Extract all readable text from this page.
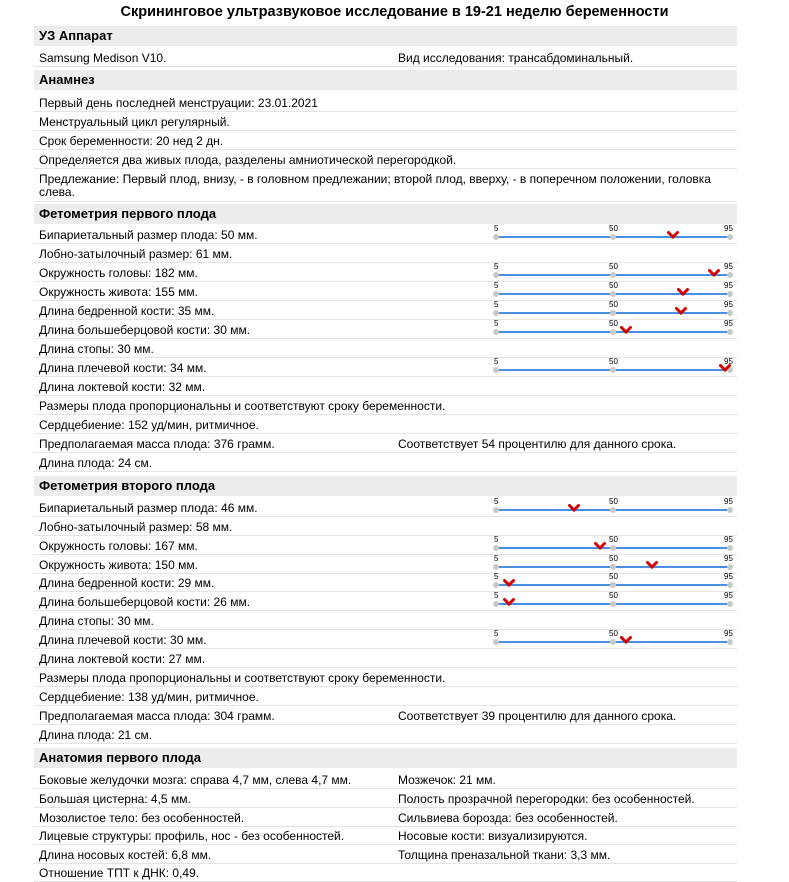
Скрининговое ультразвуковое исследование в 19-21 неделю беременности
УЗ Аппарат
Samsung Medison V10.	Вид исследования: трансабдоминальный.
Анамнез
Первый день последней менструации: 23.01.2021
Менструальный цикл регулярный.
Срок беременности: 20 нед 2 дн.
Определяется два живых плода, разделены амниотической перегородкой.
Предлежание: Первый плод, внизу, - в головном предлежании; второй плод, вверху, - в поперечном положении, головка слева.
Фетометрия первого плода
Бипариетальный размер плода: 50 мм.	5	50	95
Лобно-затылочный размер: 61 мм.
Окружность головы: 182 мм.	5	50	95
Окружность живота: 155 мм.	5	50	95
Длина бедренной кости: 35 мм.	5	50	95
Длина большеберцовой кости: 30 мм.	5	50	95
Длина стопы: 30 мм.
Длина плечевой кости: 34 мм.	5	50	95
Длина локтевой кости: 32 мм.
Размеры плода пропорциональны и соответствуют сроку беременности.
Сердцебиение: 152 уд/мин, ритмичное.
Предполагаемая масса плода: 376 грамм.	Соответствует 54 процентилю для данного срока.
Длина плода: 24 см.
Фетометрия второго плода
Бипариетальный размер плода: 46 мм.	5	50	95
Лобно-затылочный размер: 58 мм.
Окружность головы: 167 мм.	5	50	95
Окружность живота: 150 мм.	5	50	95
Длина бедренной кости: 29 мм.	5	50	95
Длина большеберцовой кости: 26 мм.	5	50	95
Длина стопы: 30 мм.
Длина плечевой кости: 30 мм.	5	50	95
Длина локтевой кости: 27 мм.
Размеры плода пропорциональны и соответствуют сроку беременности.
Сердцебиение: 138 уд/мин, ритмичное.
Предполагаемая масса плода: 304 грамм.	Соответствует 39 процентилю для данного срока.
Длина плода: 21 см.
Анатомия первого плода
Боковые желудочки мозга: справа 4,7 мм, слева 4,7 мм.	Мозжечок: 21 мм.
Большая цистерна: 4,5 мм.	Полость прозрачной перегородки: без особенностей.
Мозолистое тело: без особенностей.	Сильвиева борозда: без особенностей.
Лицевые структуры: профиль, нос - без особенностей.	Носовые кости: визуализируются.
Длина носовых костей: 6,8 мм.	Толщина преназальной ткани: 3,3 мм.
Отношение ТПТ к ДНК: 0,49.
